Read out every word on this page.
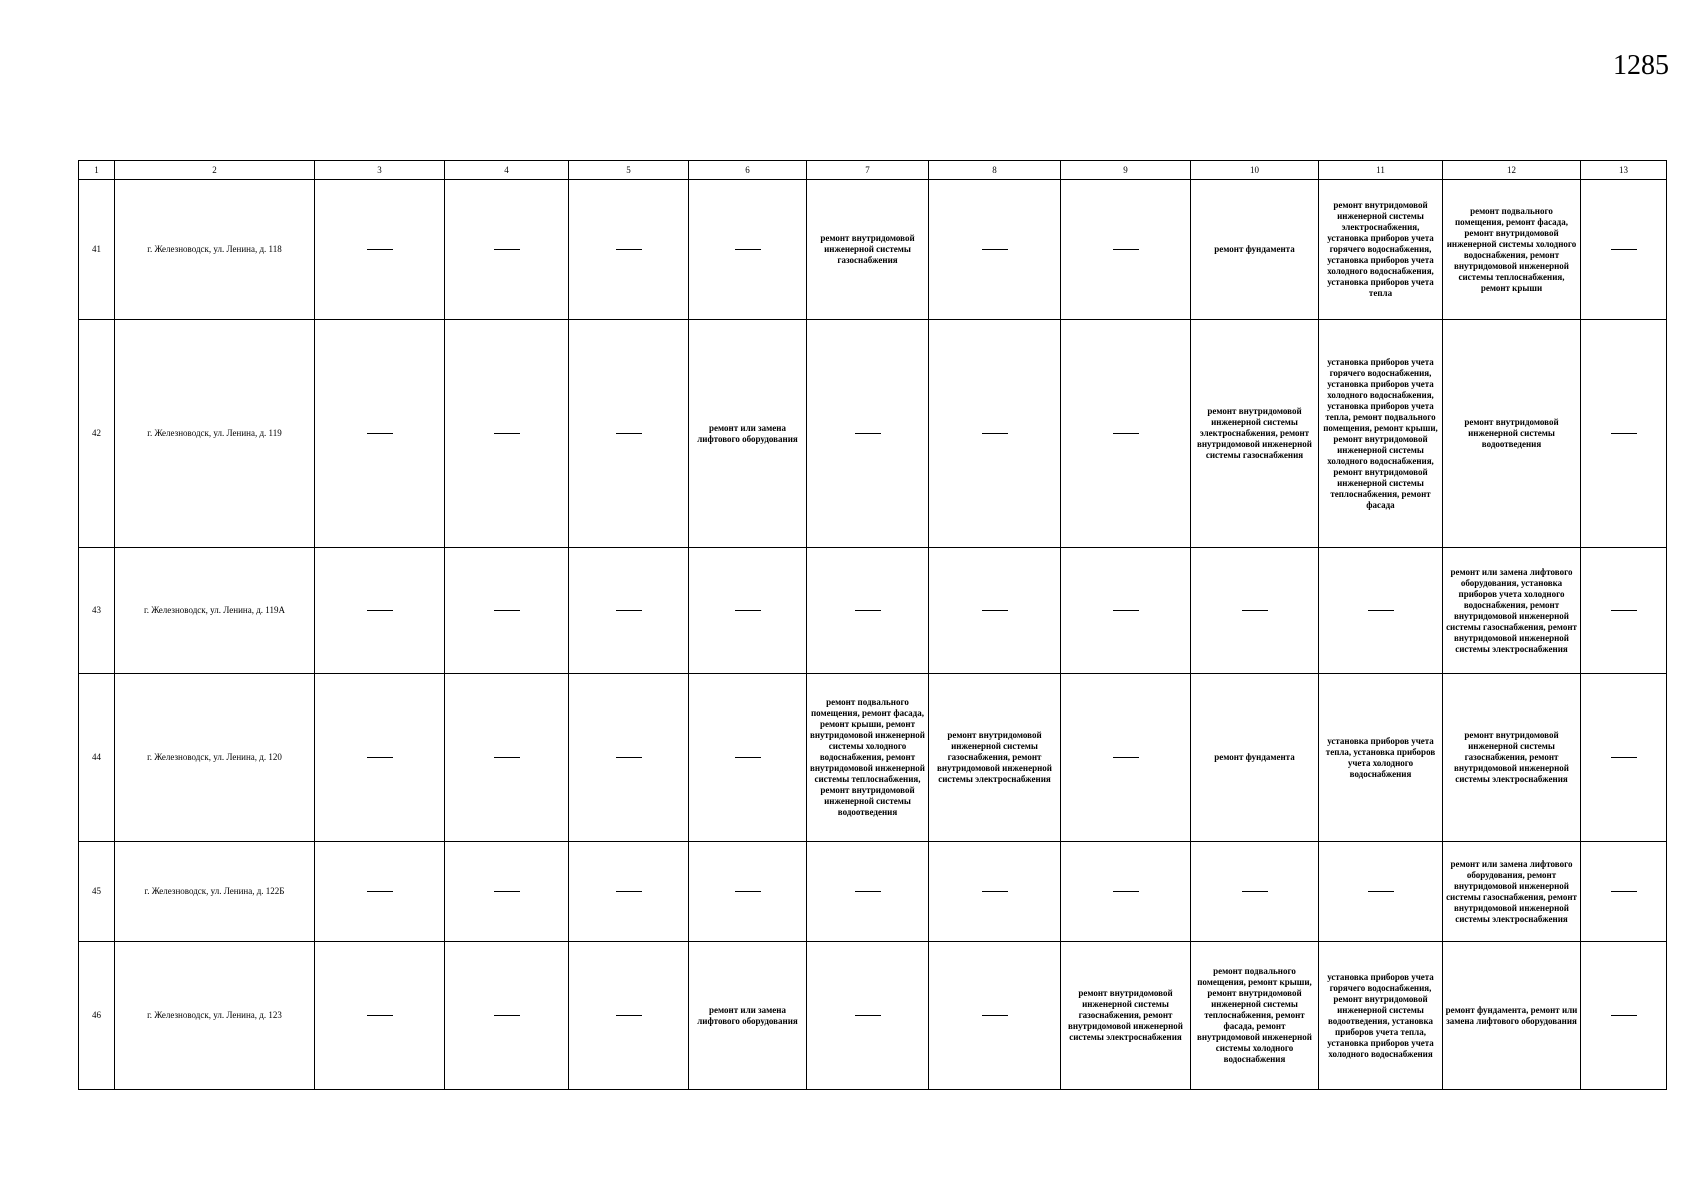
1285
1	2	3	4	5	6	7	8	9	10	11	12	13
41	г. Железноводск, ул. Ленина, д. 118					ремонт внутридомовой инженерной системы газоснабжения			ремонт фундамента	ремонт внутридомовой инженерной системы электроснабжения, установка приборов учета горячего водоснабжения, установка приборов учета холодного водоснабжения, установка приборов учета тепла	ремонт подвального помещения, ремонт фасада, ремонт внутридомовой инженерной системы холодного водоснабжения, ремонт внутридомовой инженерной системы теплоснабжения, ремонт крыши	
42	г. Железноводск, ул. Ленина, д. 119				ремонт или замена лифтового оборудования				ремонт внутридомовой инженерной системы электроснабжения, ремонт внутридомовой инженерной системы газоснабжения	установка приборов учета горячего водоснабжения, установка приборов учета холодного водоснабжения, установка приборов учета тепла, ремонт подвального помещения, ремонт крыши, ремонт внутридомовой инженерной системы холодного водоснабжения, ремонт внутридомовой инженерной системы теплоснабжения, ремонт фасада	ремонт внутридомовой инженерной системы водоотведения	
43	г. Железноводск, ул. Ленина, д. 119А										ремонт или замена лифтового оборудования, установка приборов учета холодного водоснабжения, ремонт внутридомовой инженерной системы газоснабжения, ремонт внутридомовой инженерной системы электроснабжения	
44	г. Железноводск, ул. Ленина, д. 120					ремонт подвального помещения, ремонт фасада, ремонт крыши, ремонт внутридомовой инженерной системы холодного водоснабжения, ремонт внутридомовой инженерной системы теплоснабжения, ремонт внутридомовой инженерной системы водоотведения	ремонт внутридомовой инженерной системы газоснабжения, ремонт внутридомовой инженерной системы электроснабжения		ремонт фундамента	установка приборов учета тепла, установка приборов учета холодного водоснабжения	ремонт внутридомовой инженерной системы газоснабжения, ремонт внутридомовой инженерной системы электроснабжения	
45	г. Железноводск, ул. Ленина, д. 122Б										ремонт или замена лифтового оборудования, ремонт внутридомовой инженерной системы газоснабжения, ремонт внутридомовой инженерной системы электроснабжения	
46	г. Железноводск, ул. Ленина, д. 123				ремонт или замена лифтового оборудования			ремонт внутридомовой инженерной системы газоснабжения, ремонт внутридомовой инженерной системы электроснабжения	ремонт подвального помещения, ремонт крыши, ремонт внутридомовой инженерной системы теплоснабжения, ремонт фасада, ремонт внутридомовой инженерной системы холодного водоснабжения	установка приборов учета горячего водоснабжения, ремонт внутридомовой инженерной системы водоотведения, установка приборов учета тепла, установка приборов учета холодного водоснабжения	ремонт фундамента, ремонт или замена лифтового оборудования	
